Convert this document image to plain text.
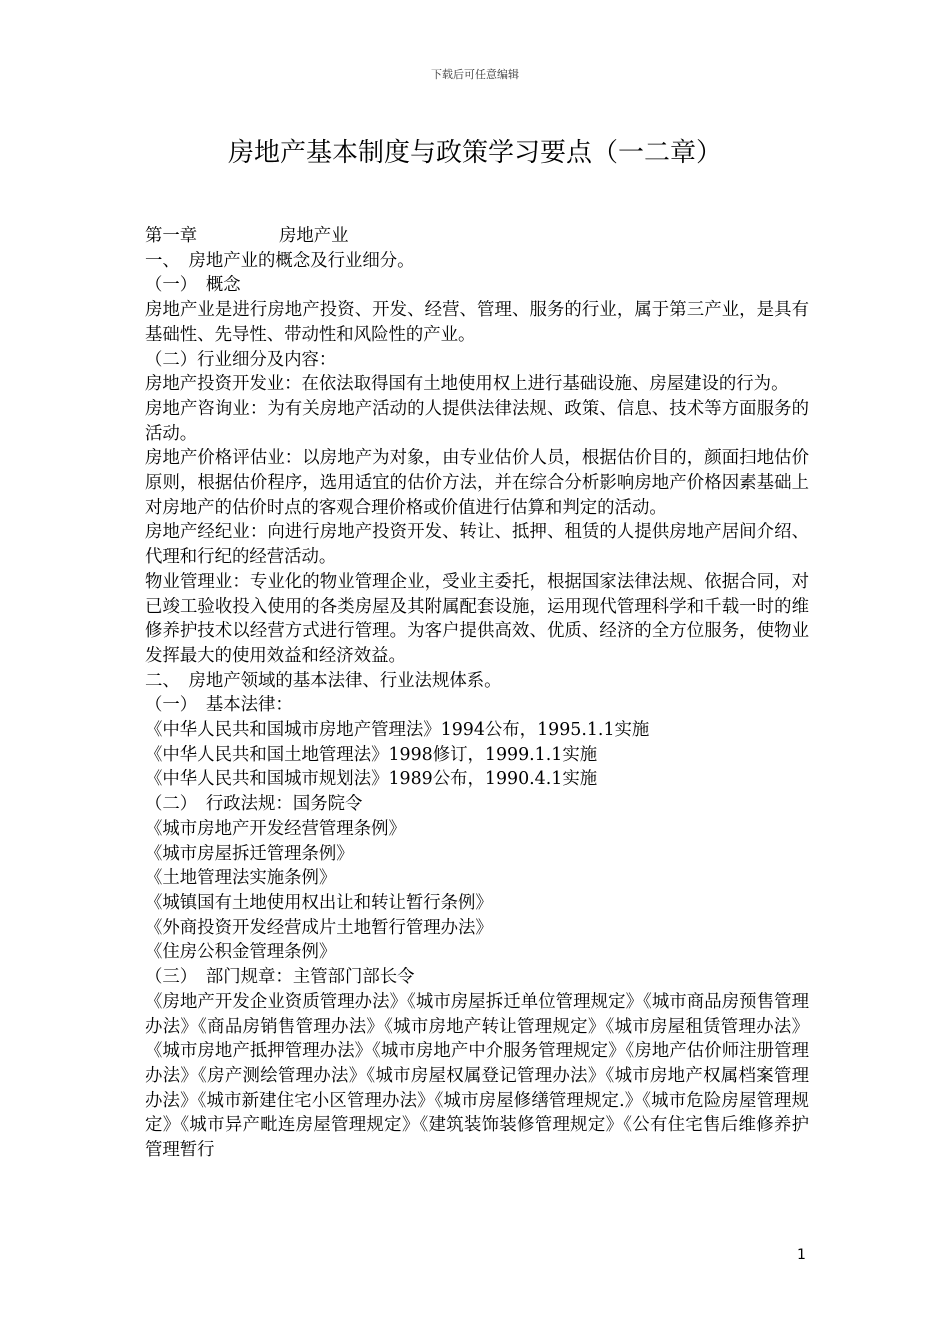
下载后可任意编辑
房地产基本制度与政策学习要点（一二章）

第一章	房地产业

一、　房地产业的概念及行业细分。

（一）　概念

房地产业是进行房地产投资、开发、经营、管理、服务的行业，属于第三产业，是具有基础性、先导性、带动性和风险性的产业。

（二）行业细分及内容：

房地产投资开发业：在依法取得国有土地使用权上进行基础设施、房屋建设的行为。

房地产咨询业：为有关房地产活动的人提供法律法规、政策、信息、技术等方面服务的活动。

房地产价格评估业：以房地产为对象，由专业估价人员，根据估价目的，颜面扫地估价原则，根据估价程序，选用适宜的估价方法，并在综合分析影响房地产价格因素基础上对房地产的估价时点的客观合理价格或价值进行估算和判定的活动。

房地产经纪业：向进行房地产投资开发、转让、抵押、租赁的人提供房地产居间介绍、代理和行纪的经营活动。

物业管理业：专业化的物业管理企业，受业主委托，根据国家法律法规、依据合同，对已竣工验收投入使用的各类房屋及其附属配套设施，运用现代管理科学和千载一时的维修养护技术以经营方式进行管理。为客户提供高效、优质、经济的全方位服务，使物业发挥最大的使用效益和经济效益。

二、　房地产领域的基本法律、行业法规体系。

（一）　基本法律：

《中华人民共和国城市房地产管理法》1994公布，1995.1.1实施

《中华人民共和国土地管理法》1998修订，1999.1.1实施

《中华人民共和国城市规划法》1989公布，1990.4.1实施

（二）　行政法规：国务院令

《城市房地产开发经营管理条例》

《城市房屋拆迁管理条例》

《土地管理法实施条例》

《城镇国有土地使用权出让和转让暂行条例》

《外商投资开发经营成片土地暂行管理办法》

《住房公积金管理条例》

（三）　部门规章：主管部门部长令

《房地产开发企业资质管理办法》《城市房屋拆迁单位管理规定》《城市商品房预售管理办法》《商品房销售管理办法》《城市房地产转让管理规定》《城市房屋租赁管理办法》《城市房地产抵押管理办法》《城市房地产中介服务管理规定》《房地产估价师注册管理办法》《房产测绘管理办法》《城市房屋权属登记管理办法》《城市房地产权属档案管理办法》《城市新建住宅小区管理办法》《城市房屋修缮管理规定.》《城市危险房屋管理规定》《城市异产毗连房屋管理规定》《建筑装饰装修管理规定》《公有住宅售后维修养护管理暂行

1
